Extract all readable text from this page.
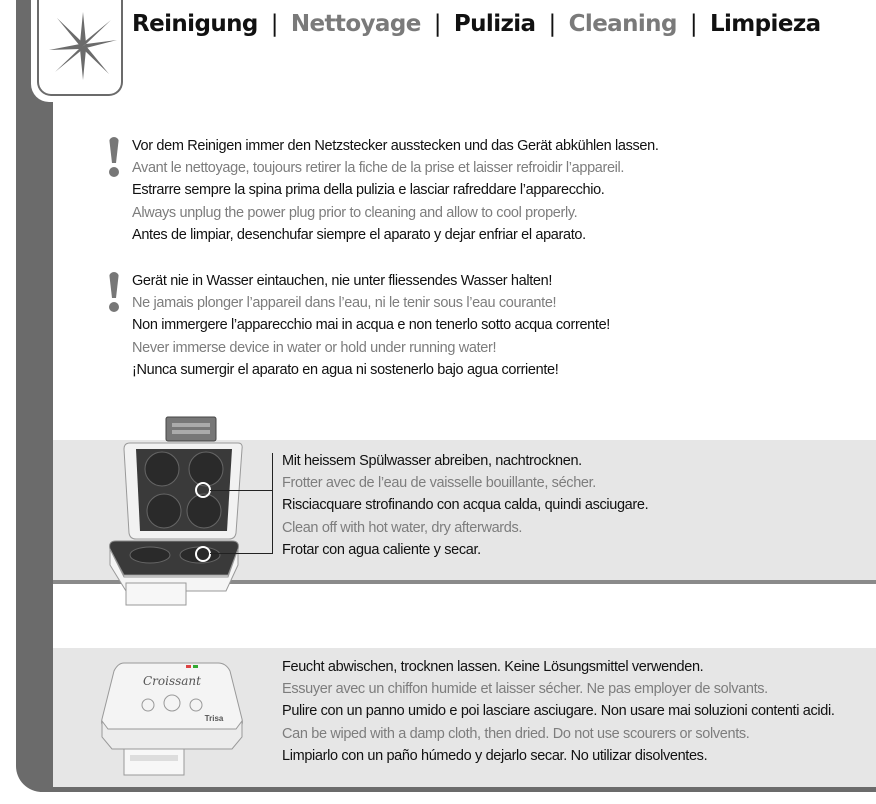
Reinigung | Nettoyage | Pulizia | Cleaning | Limpieza
Vor dem Reinigen immer den Netzstecker ausstecken und das Gerät abkühlen lassen.
Avant le nettoyage, toujours retirer la fiche de la prise et laisser refroidir l’appareil.
Estrarre sempre la spina prima della pulizia e lasciar rafreddare l’apparecchio.
Always unplug the power plug prior to cleaning and allow to cool properly.
Antes de limpiar, desenchufar siempre el aparato y dejar enfriar el aparato.
Gerät nie in Wasser eintauchen, nie unter fliessendes Wasser halten!
Ne jamais plonger l’appareil dans l’eau, ni le tenir sous l’eau courante!
Non immergere l’apparecchio mai in acqua e non tenerlo sotto acqua corrente!
Never immerse device in water or hold under running water!
¡Nunca sumergir el aparato en agua ni sostenerlo bajo agua corriente!
Mit heissem Spülwasser abreiben, nachtrocknen.
Frotter avec de l’eau de vaisselle bouillante, sécher.
Risciacquare strofinando con acqua calda, quindi asciugare.
Clean off with hot water, dry afterwards.
Frotar con agua caliente y secar.
Croissant
Trisa
Feucht abwischen, trocknen lassen. Keine Lösungsmittel verwenden.
Essuyer avec un chiffon humide et laisser sécher. Ne pas employer de solvants.
Pulire con un panno umido e poi lasciare asciugare. Non usare mai soluzioni contenti acidi.
Can be wiped with a damp cloth, then dried. Do not use scourers or solvents.
Limpiarlo con un paño húmedo y dejarlo secar. No utilizar disolventes.
